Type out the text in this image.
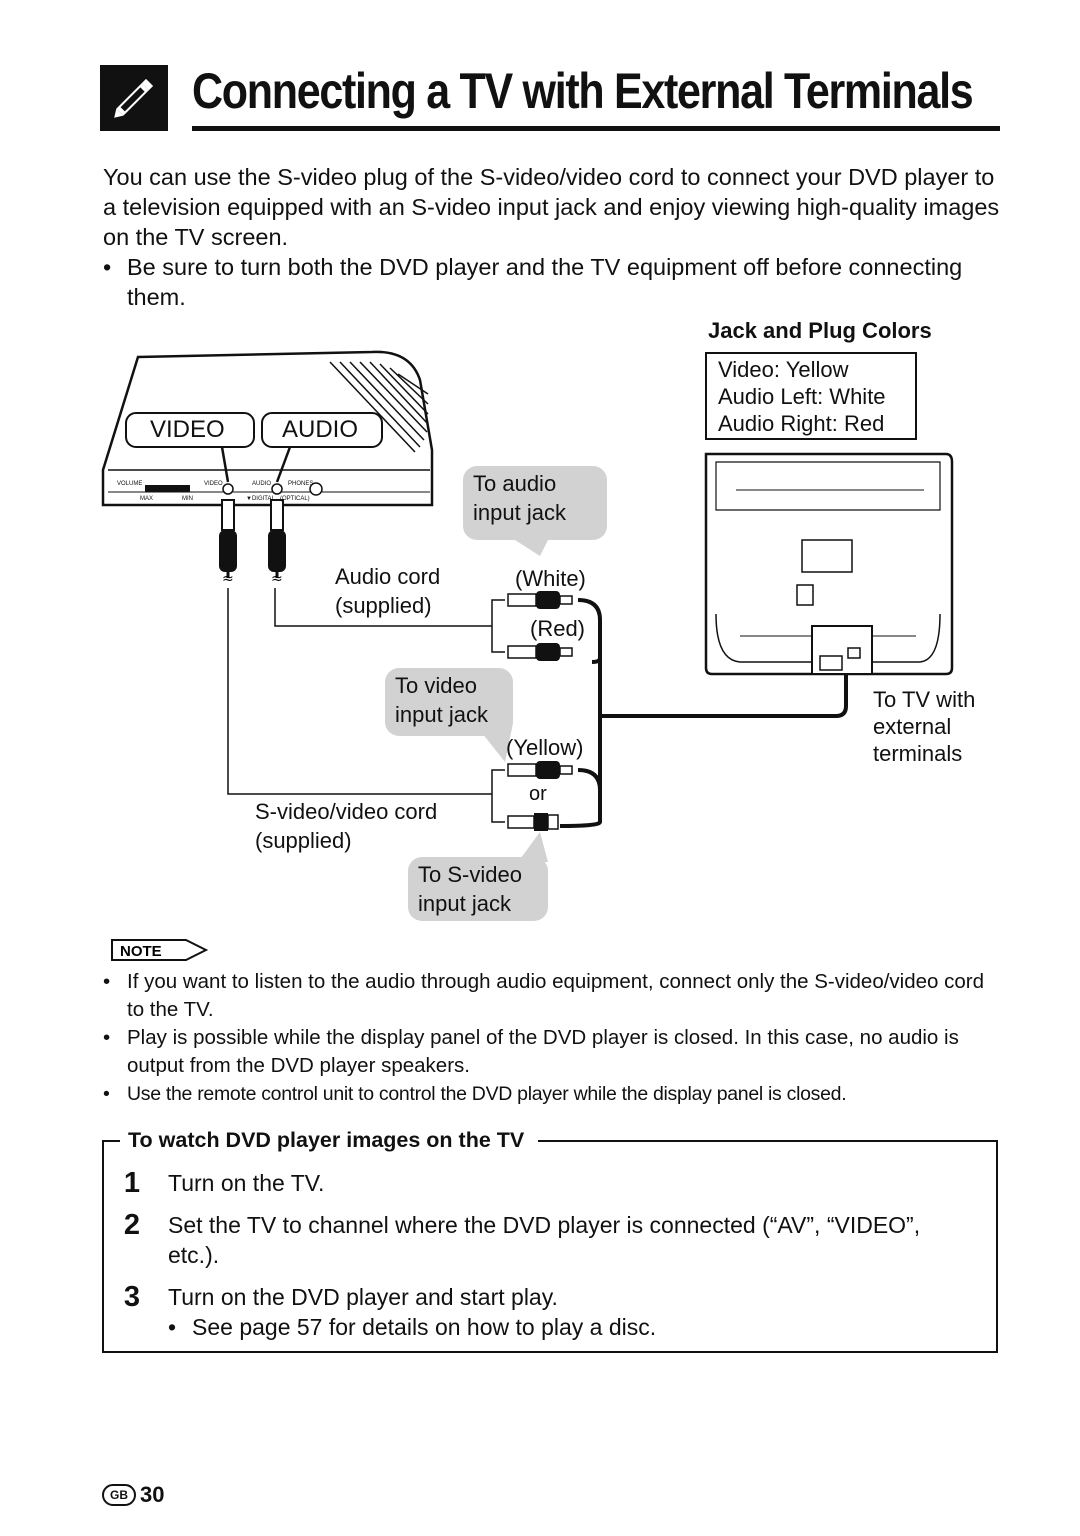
Connecting a TV with External Terminals

You can use the S-video plug of the S-video/video cord to connect your DVD player to a television equipped with an S-video input jack and enjoy viewing high-quality images on the TV screen.

• Be sure to turn both the DVD player and the TV equipment off before connecting them.
Jack and Plug Colors
Video: Yellow
Audio Left: White
Audio Right: Red
≈	≈
VOLUME
MAX	MIN
VIDEO	AUDIO	PHONES
▼DIGITAL (OPTICAL)
VIDEO AUDIO
To audio
input jack
Audio cord
(supplied)
(White)
(Red)
To video
input jack
(Yellow)
or
S-video/video cord
(supplied)
To S-video
input jack
To TV with
external
terminals
NOTE
• If you want to listen to the audio through audio equipment, connect only the S-video/video cord to the TV.
• Play is possible while the display panel of the DVD player is closed. In this case, no audio is output from the DVD player speakers.
• Use the remote control unit to control the DVD player while the display panel is closed.
To watch DVD player images on the TV
1	Turn on the TV.
2	Set the TV to channel where the DVD player is connected (“AV”, “VIDEO”, etc.).
3	Turn on the DVD player and start play.
• See page 57 for details on how to play a disc.
GB 30
